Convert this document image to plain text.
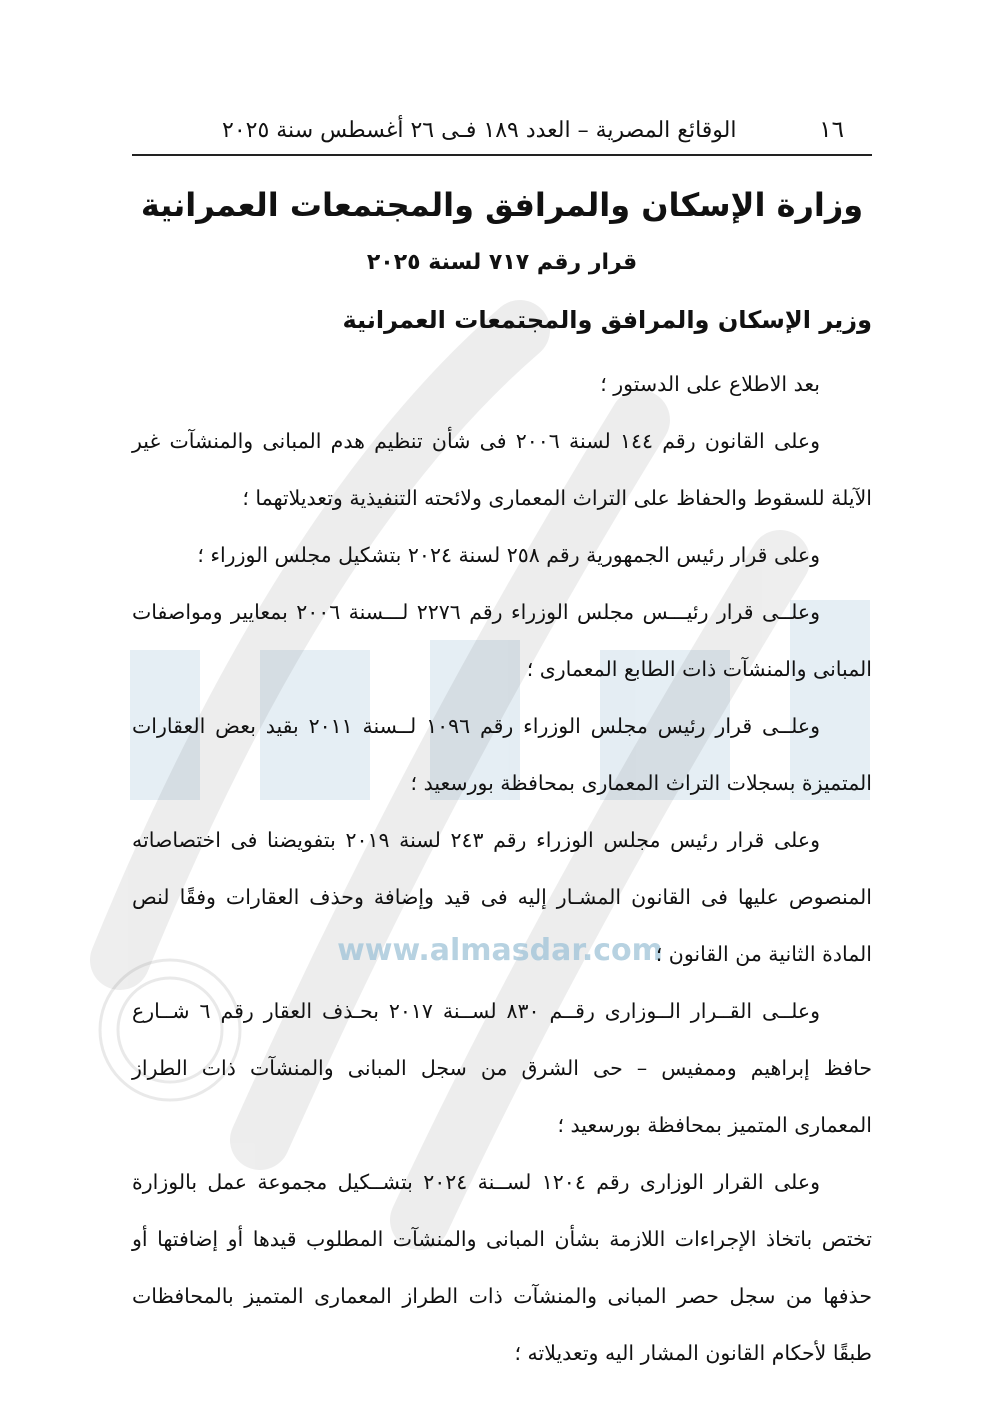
www.almasdar.com
١٦
الوقائع المصرية – العدد ١٨٩ فـى ٢٦ أغسطس سنة ٢٠٢٥
وزارة الإسكان والمرافق والمجتمعات العمرانية
قرار رقم ٧١٧ لسنة ٢٠٢٥
وزير الإسكان والمرافق والمجتمعات العمرانية

بعد الاطلاع على الدستور ؛

وعلى القانون رقم ١٤٤ لسنة ٢٠٠٦ فى شأن تنظيم هدم المبانى والمنشآت غير الآيلة للسقوط والحفاظ على التراث المعمارى ولائحته التنفيذية وتعديلاتهما ؛

وعلى قرار رئيس الجمهورية رقم ٢٥٨ لسنة ٢٠٢٤ بتشكيل مجلس الوزراء ؛

وعلــى قرار رئيـــس مجلس الوزراء رقم ٢٢٧٦ لـــسنة ٢٠٠٦ بمعايير ومواصفات المبانى والمنشآت ذات الطابع المعمارى ؛

وعلــى قرار رئيس مجلس الوزراء رقم ١٠٩٦ لــسنة ٢٠١١ بقيد بعض العقارات المتميزة بسجلات التراث المعمارى بمحافظة بورسعيد ؛

وعلى قرار رئيس مجلس الوزراء رقم ٢٤٣ لسنة ٢٠١٩ بتفويضنا فى اختصاصاته المنصوص عليها فى القانون المشـار إليه فى قيد وإضافة وحذف العقارات وفقًا لنص المادة الثانية من القانون ؛

وعلــى القــرار الــوزارى رقــم ٨٣٠ لســنة ٢٠١٧ بحـذف العقار رقم ٦ شــارع حافظ إبراهيم وممفيس – حى الشرق من سجل المبانى والمنشآت ذات الطراز المعمارى المتميز بمحافظة بورسعيد ؛

وعلى القرار الوزارى رقم ١٢٠٤ لســنة ٢٠٢٤ بتشــكيل مجموعة عمل بالوزارة تختص باتخاذ الإجراءات اللازمة بشأن المبانى والمنشآت المطلوب قيدها أو إضافتها أو حذفها من سجل حصر المبانى والمنشآت ذات الطراز المعمارى المتميز بالمحافظات طبقًا لأحكام القانون المشار اليه وتعديلاته ؛
